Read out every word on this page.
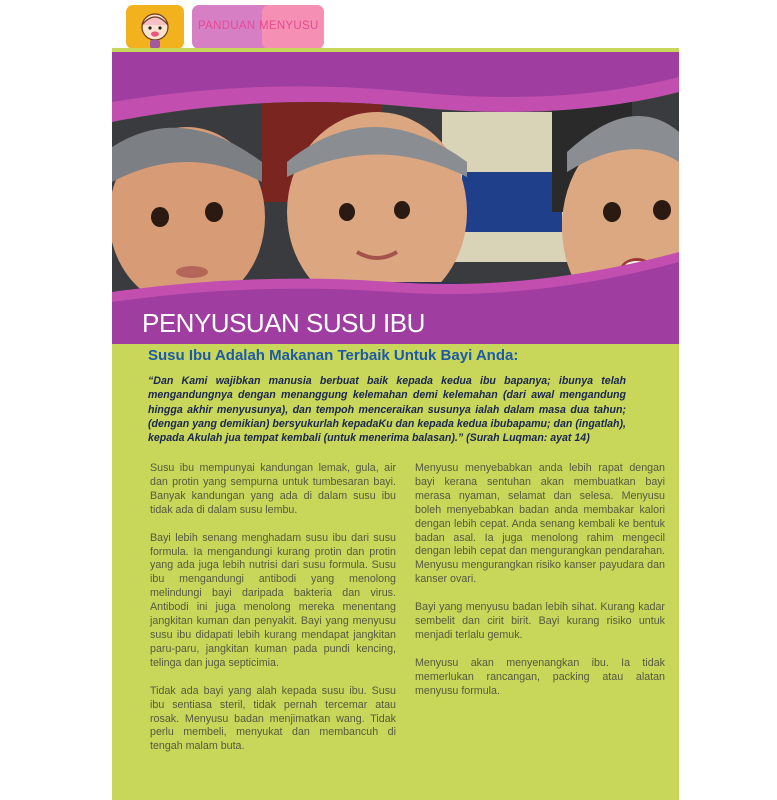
PANDUAN MENYUSU
PENYUSUAN SUSU IBU
Susu Ibu Adalah Makanan Terbaik Untuk Bayi Anda:
“Dan Kami wajibkan manusia berbuat baik kepada kedua ibu bapanya; ibunya telah mengandungnya dengan menanggung kelemahan demi kelemahan (dari awal mengandung hingga akhir menyusunya), dan tempoh menceraikan susunya ialah dalam masa dua tahun; (dengan yang demikian) bersyukurlah kepadaKu dan kepada kedua ibubapamu; dan (ingatlah), kepada Akulah jua tempat kembali (untuk menerima balasan).” (Surah Luqman: ayat 14)

Susu ibu mempunyai kandungan lemak, gula, air dan protin yang sempurna untuk tumbesaran bayi. Banyak kandungan yang ada di dalam susu ibu tidak ada di dalam susu lembu.

Bayi lebih senang menghadam susu ibu dari susu formula. Ia mengandungi kurang protin dan protin yang ada juga lebih nutrisi dari susu formula. Susu ibu mengandungi antibodi yang menolong melindungi bayi daripada bakteria dan virus. Antibodi ini juga menolong mereka menentang jangkitan kuman dan penyakit. Bayi yang menyusu susu ibu didapati lebih kurang mendapat jangkitan paru-paru, jangkitan kuman pada pundi kencing, telinga dan juga septicimia.

Tidak ada bayi yang alah kepada susu ibu. Susu ibu sentiasa steril, tidak pernah tercemar atau rosak. Menyusu badan menjimatkan wang. Tidak perlu membeli, menyukat dan membancuh di tengah malam buta.

Menyusu menyebabkan anda lebih rapat dengan bayi kerana sentuhan akan membuatkan bayi merasa nyaman, selamat dan selesa. Menyusu boleh menyebabkan badan anda membakar kalori dengan lebih cepat. Anda senang kembali ke bentuk badan asal. Ia juga menolong rahim mengecil dengan lebih cepat dan mengurangkan pendarahan. Menyusu mengurangkan risiko kanser payudara dan kanser ovari.

Bayi yang menyusu badan lebih sihat. Kurang kadar sembelit dan cirit birit. Bayi kurang risiko untuk menjadi terlalu gemuk.

Menyusu akan menyenangkan ibu. Ia tidak memerlukan rancangan, packing atau alatan menyusu formula.
